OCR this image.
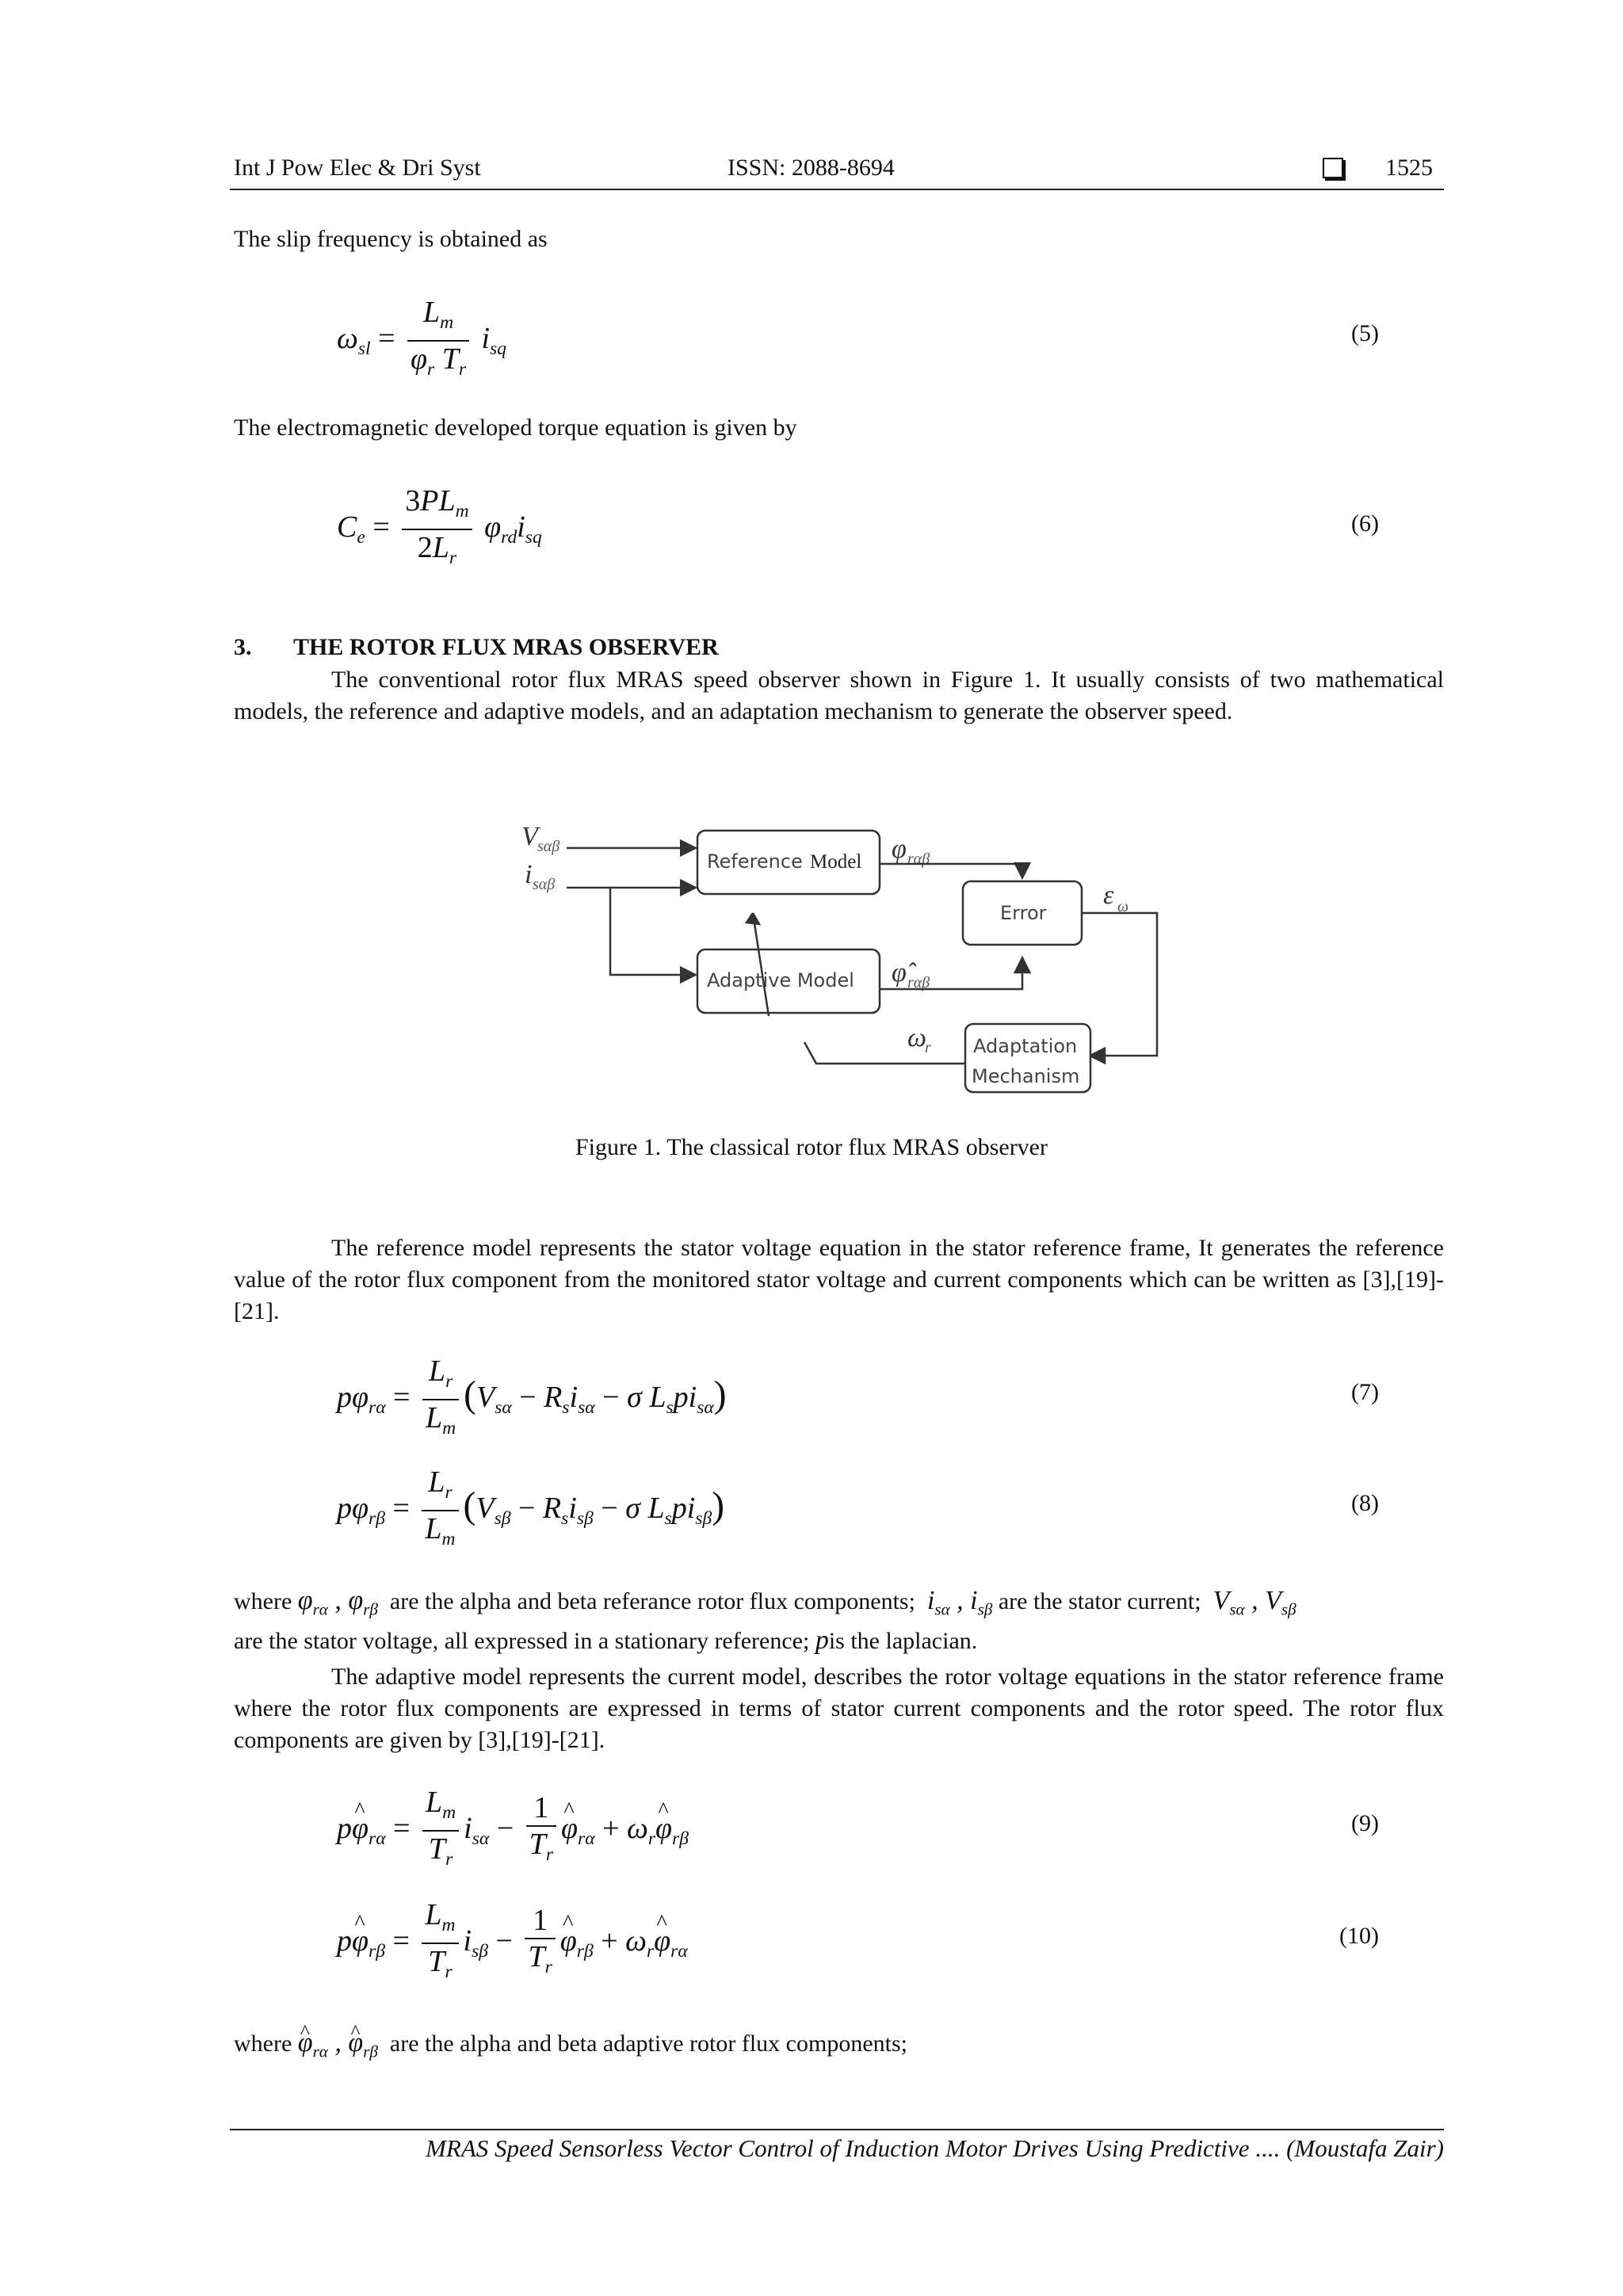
Int J Pow Elec & Dri Syst	ISSN: 2088-8694	1525
The slip frequency is obtained as
$\omega_{sl} = \frac{L_m}{\varphi_r T_r} i_{sq}$
(5)
The electromagnetic developed torque equation is given by
$C_e = \frac{3PL_m}{2L_r} \varphi_{rd}i_{sq}$
(6)
3. THE ROTOR FLUX MRAS OBSERVER
The conventional rotor flux MRAS speed observer shown in Figure 1. It usually consists of two mathematical models, the reference and adaptive models, and an adaptation mechanism to generate the observer speed.
V sαβ
i sαβ
Reference Model
Adaptive Model
φ rαβ
φ̂ rαβ
Error
ε ω
Adaptation
Mechanism
ω
r
Figure 1. The classical rotor flux MRAS observer
The reference model represents the stator voltage equation in the stator reference frame, It generates the reference value of the rotor flux component from the monitored stator voltage and current components which can be written as [3],[19]-[21].
$p\varphi_{r\alpha} = \frac{L_r}{L_m} (V_{s\alpha} - R_si_{s\alpha} - \sigma$ $L_spi_{s\alpha}$)	(7)
$p\varphi_{r\beta} = \frac{L_r}{L_m} (V_{s\beta} - R_si_{s\beta} - \sigma$ $L_spi_{s\beta}$)	(8)
where $\varphi_{r\alpha}$ , $\varphi_{r\beta}$ are the alpha and beta referance rotor flux components; $i_{s\alpha}$ , $i_{s\beta}$ are the stator current; $V_{s\alpha}$ , $V_{s\beta}$
are the stator voltage, all expressed in a stationary reference; pis the laplacian.
The adaptive model represents the current model, describes the rotor voltage equations in the stator reference frame where the rotor flux components are expressed in terms of stator current components and the rotor speed. The rotor flux components are given by [3],[19]-[21].
p^ $\varphi_{r\alpha} = \frac{L_m}{T_r} i_{s\alpha} - \frac{1}{T_r}$ ^ $\varphi_{r\alpha}$ + $\omega_r\^{}$ $\varphi_{r\beta}$
(9)
p^ $\varphi_{r\beta} = \frac{L_m}{T_r} i_{s\beta} - \frac{1}{T_r}$ ^ $\varphi_{r\beta}$ + $\omega_r\^{}$ $\varphi_{r\alpha}$
(10)
where ^ $\varphi_{r\alpha}$ , ^ $\varphi_{r\beta}$ are the alpha and beta adaptive rotor flux components;
MRAS Speed Sensorless Vector Control of Induction Motor Drives Using Predictive .... (Moustafa Zair)
